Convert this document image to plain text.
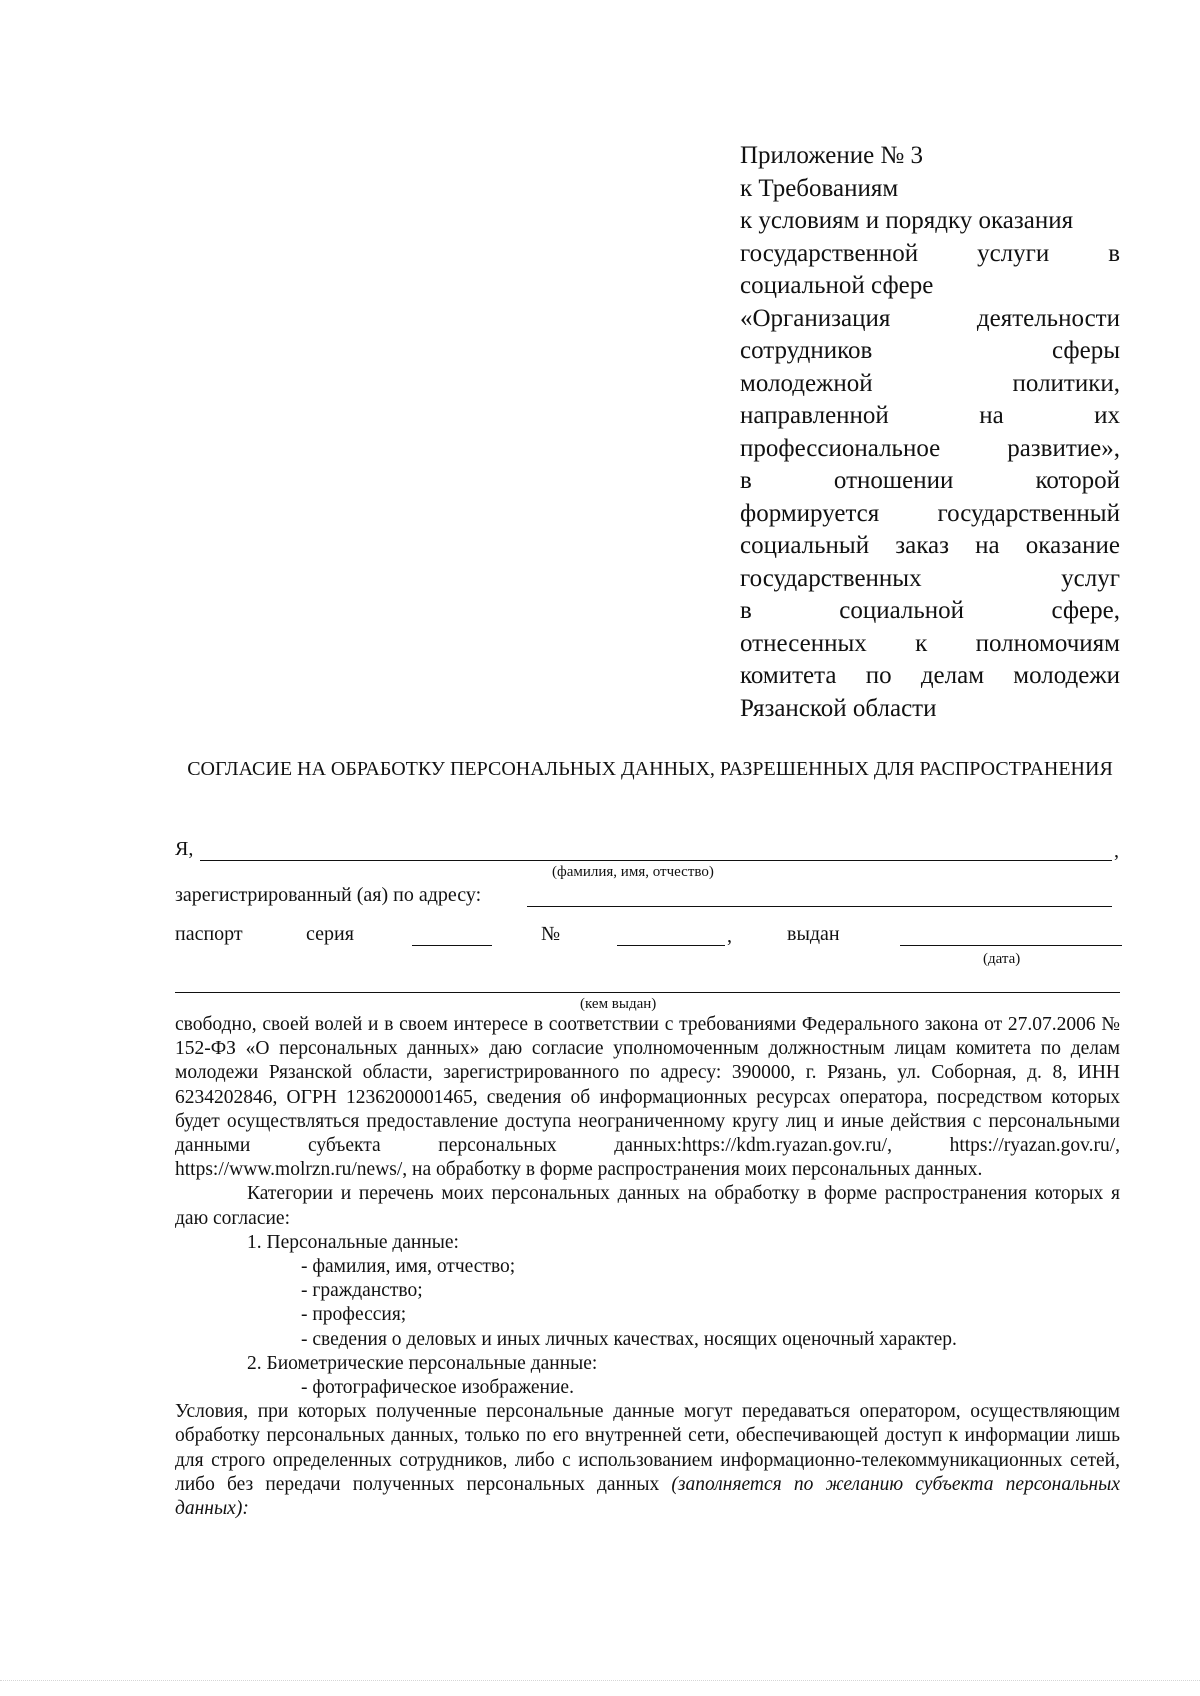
Приложение № 3
к Требованиям
к условиям и порядку оказания
государственной услуги в
социальной сфере
«Организация деятельности
сотрудников сферы
молодежной политики,
направленной на их
профессиональное развитие»,
в отношении которой
формируется государственный
социальный заказ на оказание
государственных услуг
в социальной сфере,
отнесенных к полномочиям
комитета по делам молодежи
Рязанской области
СОГЛАСИЕ НА ОБРАБОТКУ ПЕРСОНАЛЬНЫХ ДАННЫХ, РАЗРЕШЕННЫХ ДЛЯ РАСПРОСТРАНЕНИЯ
Я,	,
(фамилия, имя, отчество)
зарегистрированный (ая) по адресу:
паспорт	серия	№	,	выдан
(дата)
(кем выдан)

свободно, своей волей и в своем интересе в соответствии с требованиями Федерального закона от 27.07.2006 № 152-ФЗ «О персональных данных» даю согласие уполномоченным должностным лицам комитета по делам молодежи Рязанской области, зарегистрированного по адресу: 390000, г. Рязань, ул. Соборная, д. 8, ИНН 6234202846, ОГРН 1236200001465, сведения об информационных ресурсах оператора, посредством которых будет осуществляться предоставление доступа неограниченному кругу лиц и иные действия с персональными данными субъекта персональных данных:https://kdm.ryazan.gov.ru/, https://ryazan.gov.ru/, https://www.molrzn.ru/news/, на обработку в форме распространения моих персональных данных.

Категории и перечень моих персональных данных на обработку в форме распространения которых я даю согласие:

1. Персональные данные:

- фамилия, имя, отчество;

- гражданство;

- профессия;

- сведения о деловых и иных личных качествах, носящих оценочный характер.

2. Биометрические персональные данные:

- фотографическое изображение.

Условия, при которых полученные персональные данные могут передаваться оператором, осуществляющим обработку персональных данных, только по его внутренней сети, обеспечивающей доступ к информации лишь для строго определенных сотрудников, либо с использованием информационно-телекоммуникационных сетей, либо без передачи полученных персональных данных (заполняется по желанию субъекта персональных данных):
